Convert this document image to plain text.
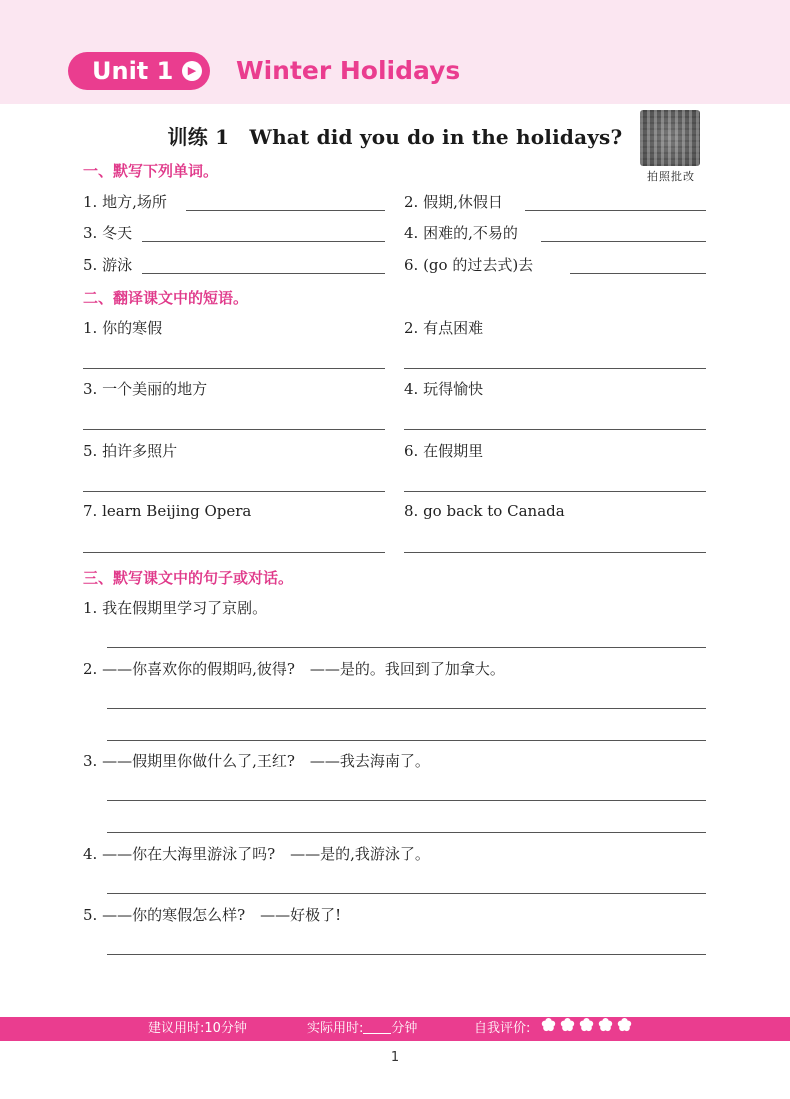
Unit 1	▶ Winter Holidays
训练 1　What did you do in the holidays?
拍照批改
一、默写下列单词。
1. 地方,场所	2. 假期,休假日
3. 冬天	4. 困难的,不易的
5. 游泳	6. (go 的过去式)去
二、翻译课文中的短语。
1. 你的寒假	2. 有点困难
3. 一个美丽的地方	4. 玩得愉快
5. 拍许多照片	6. 在假期里
7. learn Beijing Opera	8. go back to Canada
三、默写课文中的句子或对话。
1. 我在假期里学习了京剧。
2. ——你喜欢你的假期吗,彼得?　——是的。我回到了加拿大。
3. ——假期里你做什么了,王红?　——我去海南了。
4. ——你在大海里游泳了吗?　——是的,我游泳了。
5. ——你的寒假怎么样?　——好极了!
建议用时:10分钟	实际用时: 分钟	自我评价:
1
